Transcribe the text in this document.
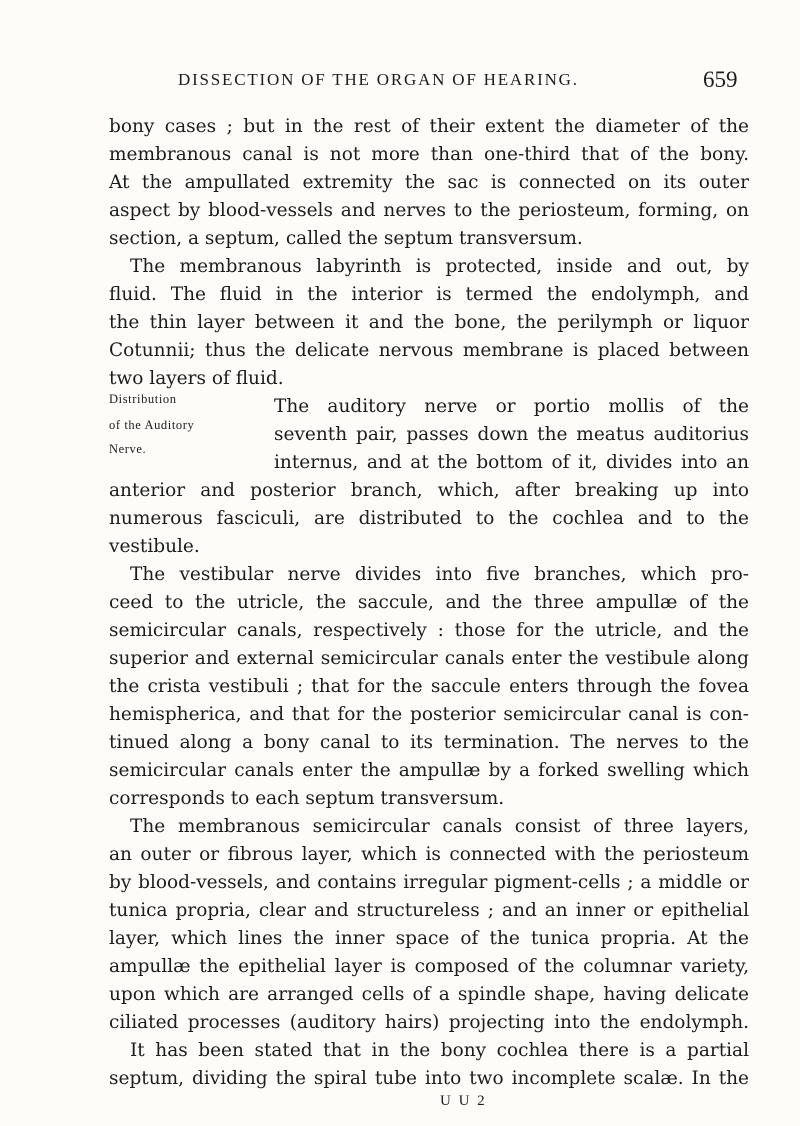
DISSECTION OF THE ORGAN OF HEARING.	659
Distribution
of the Auditory
Nerve.
bony cases ; but in the rest of their extent the diameter of the
membranous canal is not more than one-third that of the bony.
At the ampullated extremity the sac is connected on its outer
aspect by blood-vessels and nerves to the periosteum, forming, on
section, a septum, called the septum transversum.
The membranous labyrinth is protected, inside and out, by
fluid. The fluid in the interior is termed the endolymph, and
the thin layer between it and the bone, the perilymph or liquor
Cotunnii; thus the delicate nervous membrane is placed between
two layers of fluid.
The auditory nerve or portio mollis of the
seventh pair, passes down the meatus auditorius
internus, and at the bottom of it, divides into an
anterior and posterior branch, which, after breaking up into
numerous fasciculi, are distributed to the cochlea and to the
vestibule.
The vestibular nerve divides into five branches, which pro-
ceed to the utricle, the saccule, and the three ampullæ of the
semicircular canals, respectively : those for the utricle, and the
superior and external semicircular canals enter the vestibule along
the crista vestibuli ; that for the saccule enters through the fovea
hemispherica, and that for the posterior semicircular canal is con-
tinued along a bony canal to its termination. The nerves to the
semicircular canals enter the ampullæ by a forked swelling which
corresponds to each septum transversum.
The membranous semicircular canals consist of three layers,
an outer or fibrous layer, which is connected with the periosteum
by blood-vessels, and contains irregular pigment-cells ; a middle or
tunica propria, clear and structureless ; and an inner or epithelial
layer, which lines the inner space of the tunica propria. At the
ampullæ the epithelial layer is composed of the columnar variety,
upon which are arranged cells of a spindle shape, having delicate
ciliated processes (auditory hairs) projecting into the endolymph.
It has been stated that in the bony cochlea there is a partial
septum, dividing the spiral tube into two incomplete scalæ. In the
U U 2
